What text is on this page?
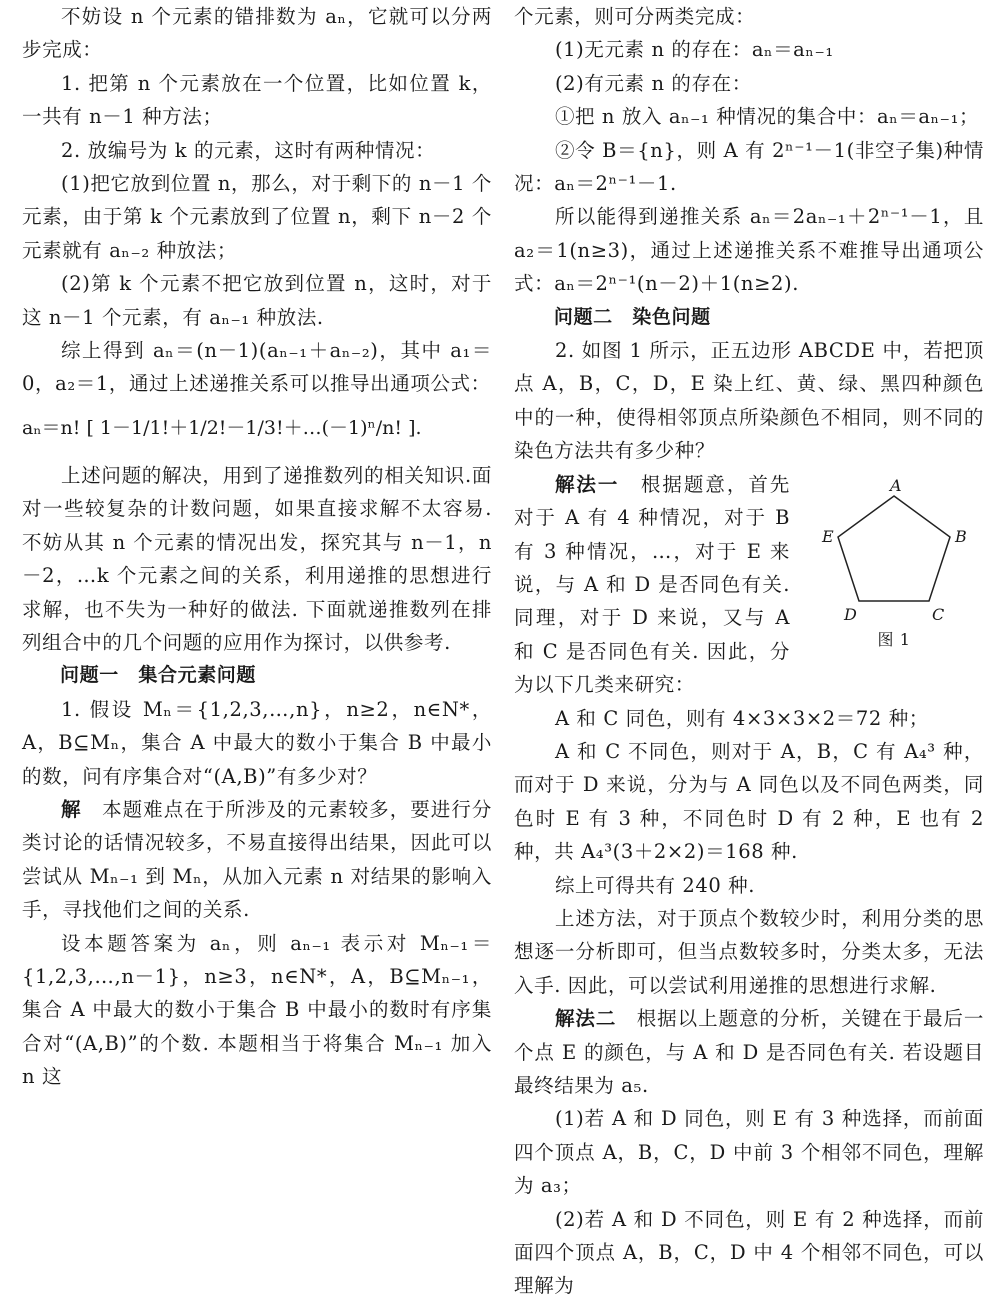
不妨设 n 个元素的错排数为 aₙ，它就可以分两步完成：

1. 把第 n 个元素放在一个位置，比如位置 k，一共有 n－1 种方法；

2. 放编号为 k 的元素，这时有两种情况：

(1)把它放到位置 n，那么，对于剩下的 n－1 个元素，由于第 k 个元素放到了位置 n，剩下 n－2 个元素就有 aₙ₋₂ 种放法；

(2)第 k 个元素不把它放到位置 n，这时，对于这 n－1 个元素，有 aₙ₋₁ 种放法.

综上得到 aₙ＝(n－1)(aₙ₋₁＋aₙ₋₂)，其中 a₁＝0，a₂＝1，通过上述递推关系可以推导出通项公式：

aₙ＝n! [ 1－1/1!＋1/2!－1/3!＋…(－1)ⁿ/n! ].

上述问题的解决，用到了递推数列的相关知识.面对一些较复杂的计数问题，如果直接求解不太容易. 不妨从其 n 个元素的情况出发，探究其与 n－1，n－2，…k 个元素之间的关系，利用递推的思想进行求解，也不失为一种好的做法. 下面就递推数列在排列组合中的几个问题的应用作为探讨，以供参考.

问题一　集合元素问题

1. 假设 Mₙ＝{1,2,3,…,n}，n≥2，n∈N*，A，B⊆Mₙ，集合 A 中最大的数小于集合 B 中最小的数，问有序集合对“(A,B)”有多少对？

解　 本题难点在于所涉及的元素较多，要进行分类讨论的话情况较多，不易直接得出结果，因此可以尝试从 Mₙ₋₁ 到 Mₙ，从加入元素 n 对结果的影响入手，寻找他们之间的关系.

设本题答案为 aₙ，则 aₙ₋₁ 表示对 Mₙ₋₁＝{1,2,3,…,n－1}，n≥3，n∈N*，A，B⊆Mₙ₋₁，集合 A 中最大的数小于集合 B 中最小的数时有序集合对“(A,B)”的个数. 本题相当于将集合 Mₙ₋₁ 加入 n 这

个元素，则可分两类完成：

(1)无元素 n 的存在：aₙ＝aₙ₋₁

(2)有元素 n 的存在：

①把 n 放入 aₙ₋₁ 种情况的集合中：aₙ＝aₙ₋₁；

②令 B＝{n}，则 A 有 2ⁿ⁻¹－1(非空子集)种情况：aₙ＝2ⁿ⁻¹－1.

所以能得到递推关系 aₙ＝2aₙ₋₁＋2ⁿ⁻¹－1，且 a₂＝1(n≥3)，通过上述递推关系不难推导出通项公式：aₙ＝2ⁿ⁻¹(n－2)＋1(n≥2).

问题二　染色问题

2. 如图 1 所示，正五边形 ABCDE 中，若把顶点 A，B，C，D，E 染上红、黄、绿、黑四种颜色中的一种，使得相邻顶点所染颜色不相同，则不同的染色方法共有多少种？

A
B
C
D
E
图 1

解法一　 根据题意，首先对于 A 有 4 种情况，对于 B 有 3 种情况，…，对于 E 来说，与 A 和 D 是否同色有关. 同理，对于 D 来说，又与 A 和 C 是否同色有关. 因此，分为以下几类来研究：

A 和 C 同色，则有 4×3×3×2＝72 种；

A 和 C 不同色，则对于 A，B，C 有 A₄³ 种，而对于 D 来说，分为与 A 同色以及不同色两类，同色时 E 有 3 种，不同色时 D 有 2 种，E 也有 2 种，共 A₄³(3＋2×2)＝168 种.

综上可得共有 240 种.

上述方法，对于顶点个数较少时，利用分类的思想逐一分析即可，但当点数较多时，分类太多，无法入手. 因此，可以尝试利用递推的思想进行求解.

解法二　 根据以上题意的分析，关键在于最后一个点 E 的颜色，与 A 和 D 是否同色有关. 若设题目最终结果为 a₅.

(1)若 A 和 D 同色，则 E 有 3 种选择，而前面四个顶点 A，B，C，D 中前 3 个相邻不同色，理解为 a₃；

(2)若 A 和 D 不同色，则 E 有 2 种选择，而前面四个顶点 A，B，C，D 中 4 个相邻不同色，可以理解为
